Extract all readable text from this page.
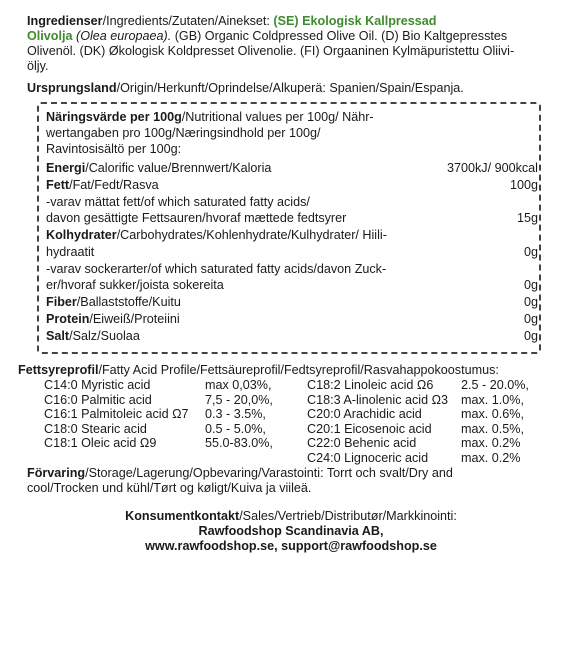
Ingredienser/Ingredients/Zutaten/Ainekset: (SE) Ekologisk Kallpressad
Olivolja (Olea europaea). (GB) Organic Coldpressed Olive Oil. (D) Bio Kaltgepresstes
Olivenöl. (DK) Økologisk Koldpresset Olivenolie. (FI) Orgaaninen Kylmäpuristettu Oliivi-
öljy.
Ursprungsland/Origin/Herkunft/Oprindelse/Alkuperä: Spanien/Spain/Espanja.
Näringsvärde per 100g/Nutritional values per 100g/ Nähr-
wertangaben pro 100g/Næringsindhold per 100g/
Ravintosisältö per 100g:
Energi/Calorific value/Brennwert/Kaloria	3700kJ/ 900kcal
Fett/Fat/Fedt/Rasva	100g
-varav mättat fett/of which saturated fatty acids/
davon gesättigte Fettsauren/hvoraf mættede fedtsyrer	15g
Kolhydrater/Carbohydrates/Kohlenhydrate/Kulhydrater/ Hiili-
hydraatit	0g
-varav sockerarter/of which saturated fatty acids/davon Zuck-
er/hvoraf sukker/joista sokereita	0g
Fiber/Ballaststoffe/Kuitu	0g
Protein/Eiweiß/Proteiini	0g
Salt/Salz/Suolaa	0g
Fettsyreprofil/Fatty Acid Profile/Fettsäureprofil/Fedtsyreprofil/Rasvahappokoostumus:
C14:0 Myristic acid	max 0,03%,
C16:0 Palmitic acid	7,5 - 20,0%,
C16:1 Palmitoleic acid Ω7 0.3 - 3.5%,
C18:0 Stearic acid	0.5 - 5.0%,
C18:1 Oleic acid Ω9	55.0-83.0%,
C18:2 Linoleic acid Ω6 2.5 - 20.0%,
C18:3 A-linolenic acid Ω3 max. 1.0%,
C20:0 Arachidic acid	max. 0.6%,
C20:1 Eicosenoic acid max. 0.5%,
C22:0 Behenic acid	max. 0.2%
C24:0 Lignoceric acid	max. 0.2%
Förvaring/Storage/Lagerung/Opbevaring/Varastointi: Torrt och svalt/Dry and
cool/Trocken und kühl/Tørt og køligt/Kuiva ja viileä.
Konsumentkontakt/Sales/Vertrieb/Distributør/Markkinointi:
Rawfoodshop Scandinavia AB,
www.rawfoodshop.se, support@rawfoodshop.se
